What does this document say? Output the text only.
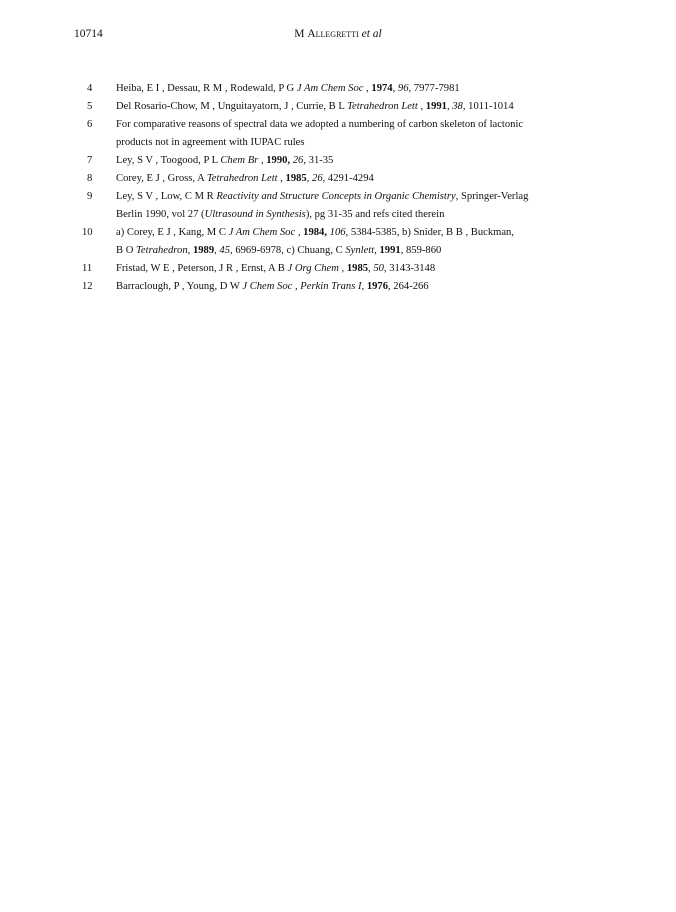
10714	M Allegretti et al
4	Heiba, E I , Dessau, R M , Rodewald, P G J Am Chem Soc , 1974, 96, 7977-7981
5	Del Rosario-Chow, M , Unguitayatorn, J , Currie, B L Tetrahedron Lett , 1991, 38, 1011-1014
6	For comparative reasons of spectral data we adopted a numbering of carbon skeleton of lactonic
products not in agreement with IUPAC rules
7	Ley, S V , Toogood, P L Chem Br , 1990, 26, 31-35
8	Corey, E J , Gross, A Tetrahedron Lett , 1985, 26, 4291-4294
9	Ley, S V , Low, C M R Reactivity and Structure Concepts in Organic Chemistry, Springer-Verlag
Berlin 1990, vol 27 (Ultrasound in Synthesis), pg 31-35 and refs cited therein
10	a) Corey, E J , Kang, M C J Am Chem Soc , 1984, 106, 5384-5385, b) Snider, B B , Buckman,
B O Tetrahedron, 1989, 45, 6969-6978, c) Chuang, C Synlett, 1991, 859-860
11	Fristad, W E , Peterson, J R , Ernst, A B J Org Chem , 1985, 50, 3143-3148
12	Barraclough, P , Young, D W J Chem Soc , Perkin Trans I, 1976, 264-266
